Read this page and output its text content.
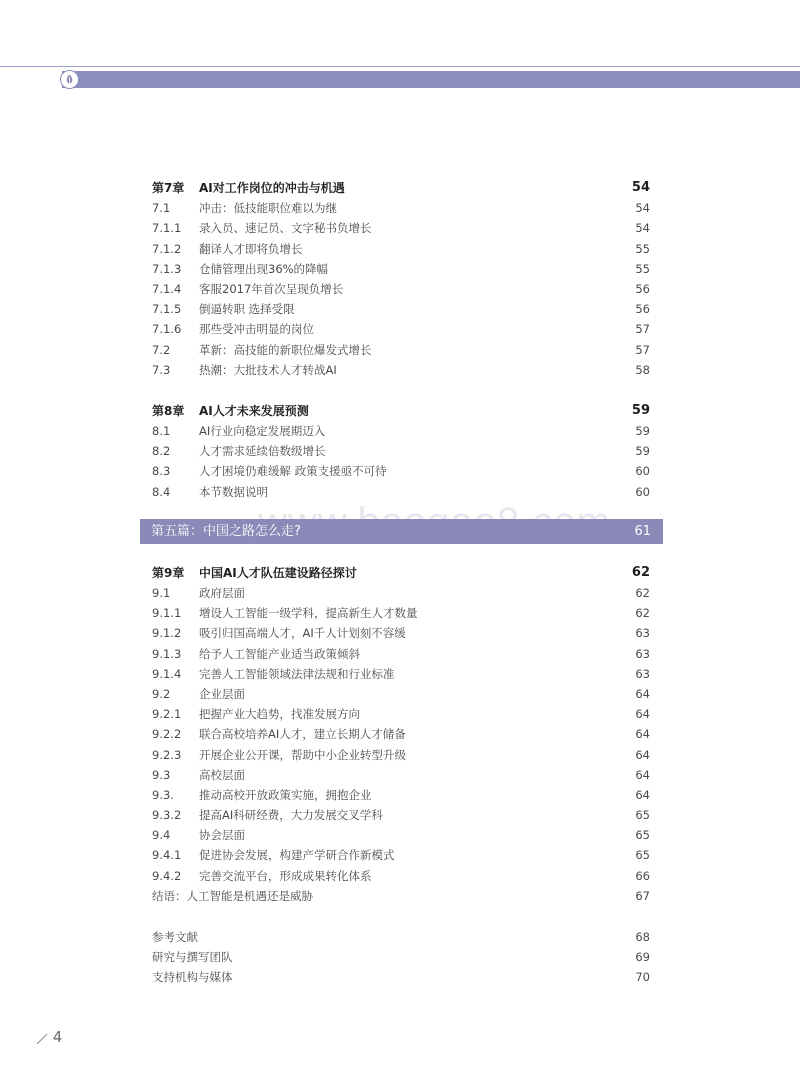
第五篇：中国之路怎么走?	61
第7章 AI对工作岗位的冲击与机遇	54
7.1 冲击：低技能职位难以为继	54
7.1.1 录入员、速记员、文字秘书负增长	54
7.1.2 翻译人才即将负增长	55
7.1.3 仓储管理出现36%的降幅	55
7.1.4 客服2017年首次呈现负增长	56
7.1.5 倒逼转职 选择受限	56
7.1.6 那些受冲击明显的岗位	57
7.2 革新：高技能的新职位爆发式增长	57
7.3 热潮：大批技术人才转战AI	58
第8章 AI人才未来发展预测	59
8.1 AI行业向稳定发展期迈入	59
8.2 人才需求延续倍数级增长	59
8.3 人才困境仍难缓解 政策支援亟不可待	60
8.4 本节数据说明	60
第9章 中国AI人才队伍建设路径探讨	62
9.1 政府层面	62
9.1.1 增设人工智能一级学科，提高新生人才数量	62
9.1.2 吸引归国高端人才，AI千人计划刻不容缓	63
9.1.3 给予人工智能产业适当政策倾斜	63
9.1.4 完善人工智能领域法律法规和行业标准	63
9.2 企业层面	64
9.2.1 把握产业大趋势，找准发展方向	64
9.2.2 联合高校培养AI人才，建立长期人才储备	64
9.2.3 开展企业公开课，帮助中小企业转型升级	64
9.3 高校层面	64
9.3. 推动高校开放政策实施，拥抱企业	64
9.3.2 提高AI科研经费，大力发展交叉学科	65
9.4 协会层面	65
9.4.1 促进协会发展，构建产学研合作新模式	65
9.4.2 完善交流平台，形成成果转化体系	66
结语：人工智能是机遇还是威胁	67
参考文献	68
研究与撰写团队	69
支持机构与媒体	70
4
